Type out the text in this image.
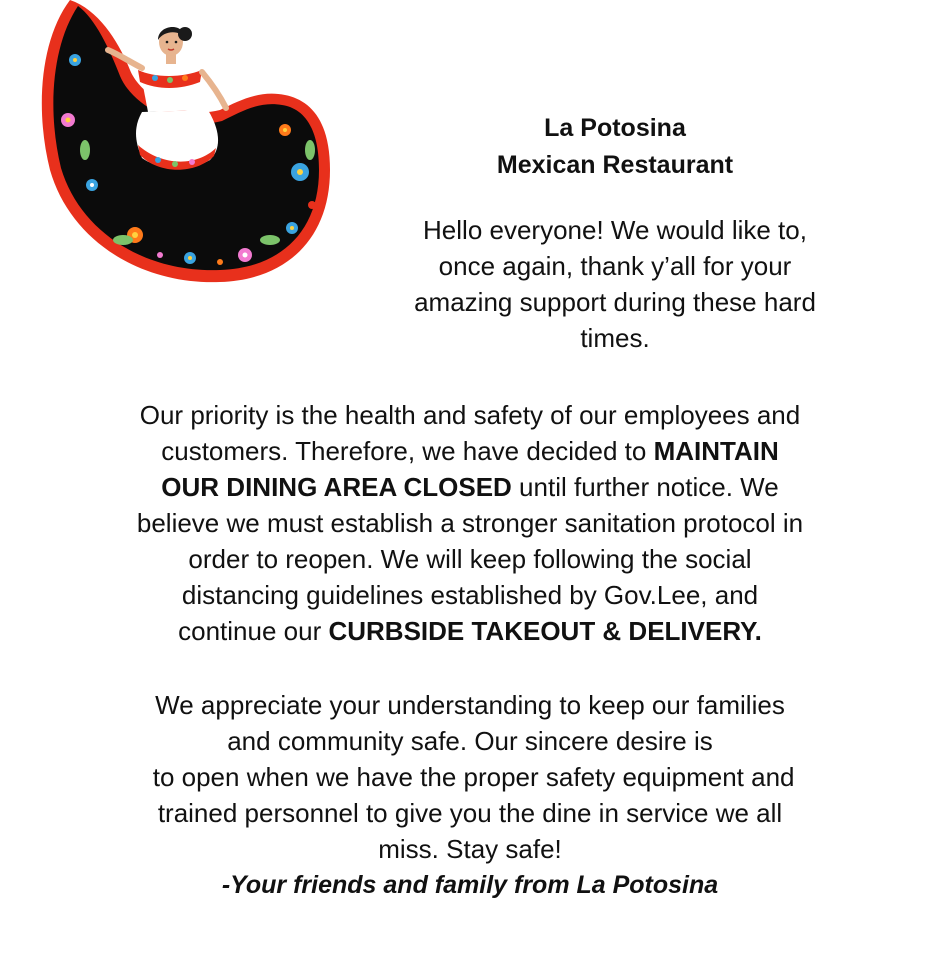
La Potosina
Mexican Restaurant
Hello everyone! We would like to,
once again, thank y’all for your
amazing support during these hard
times.
Our priority is the health and safety of our employees and
customers. Therefore, we have decided to MAINTAIN
OUR DINING AREA CLOSED until further notice. We
believe we must establish a stronger sanitation protocol in
order to reopen. We will keep following the social
distancing guidelines established by Gov.Lee, and
continue our CURBSIDE TAKEOUT & DELIVERY.
We appreciate your understanding to keep our families
and community safe. Our sincere desire is
to open when we have the proper safety equipment and
trained personnel to give you the dine in service we all
miss. Stay safe!
-Your friends and family from La Potosina
